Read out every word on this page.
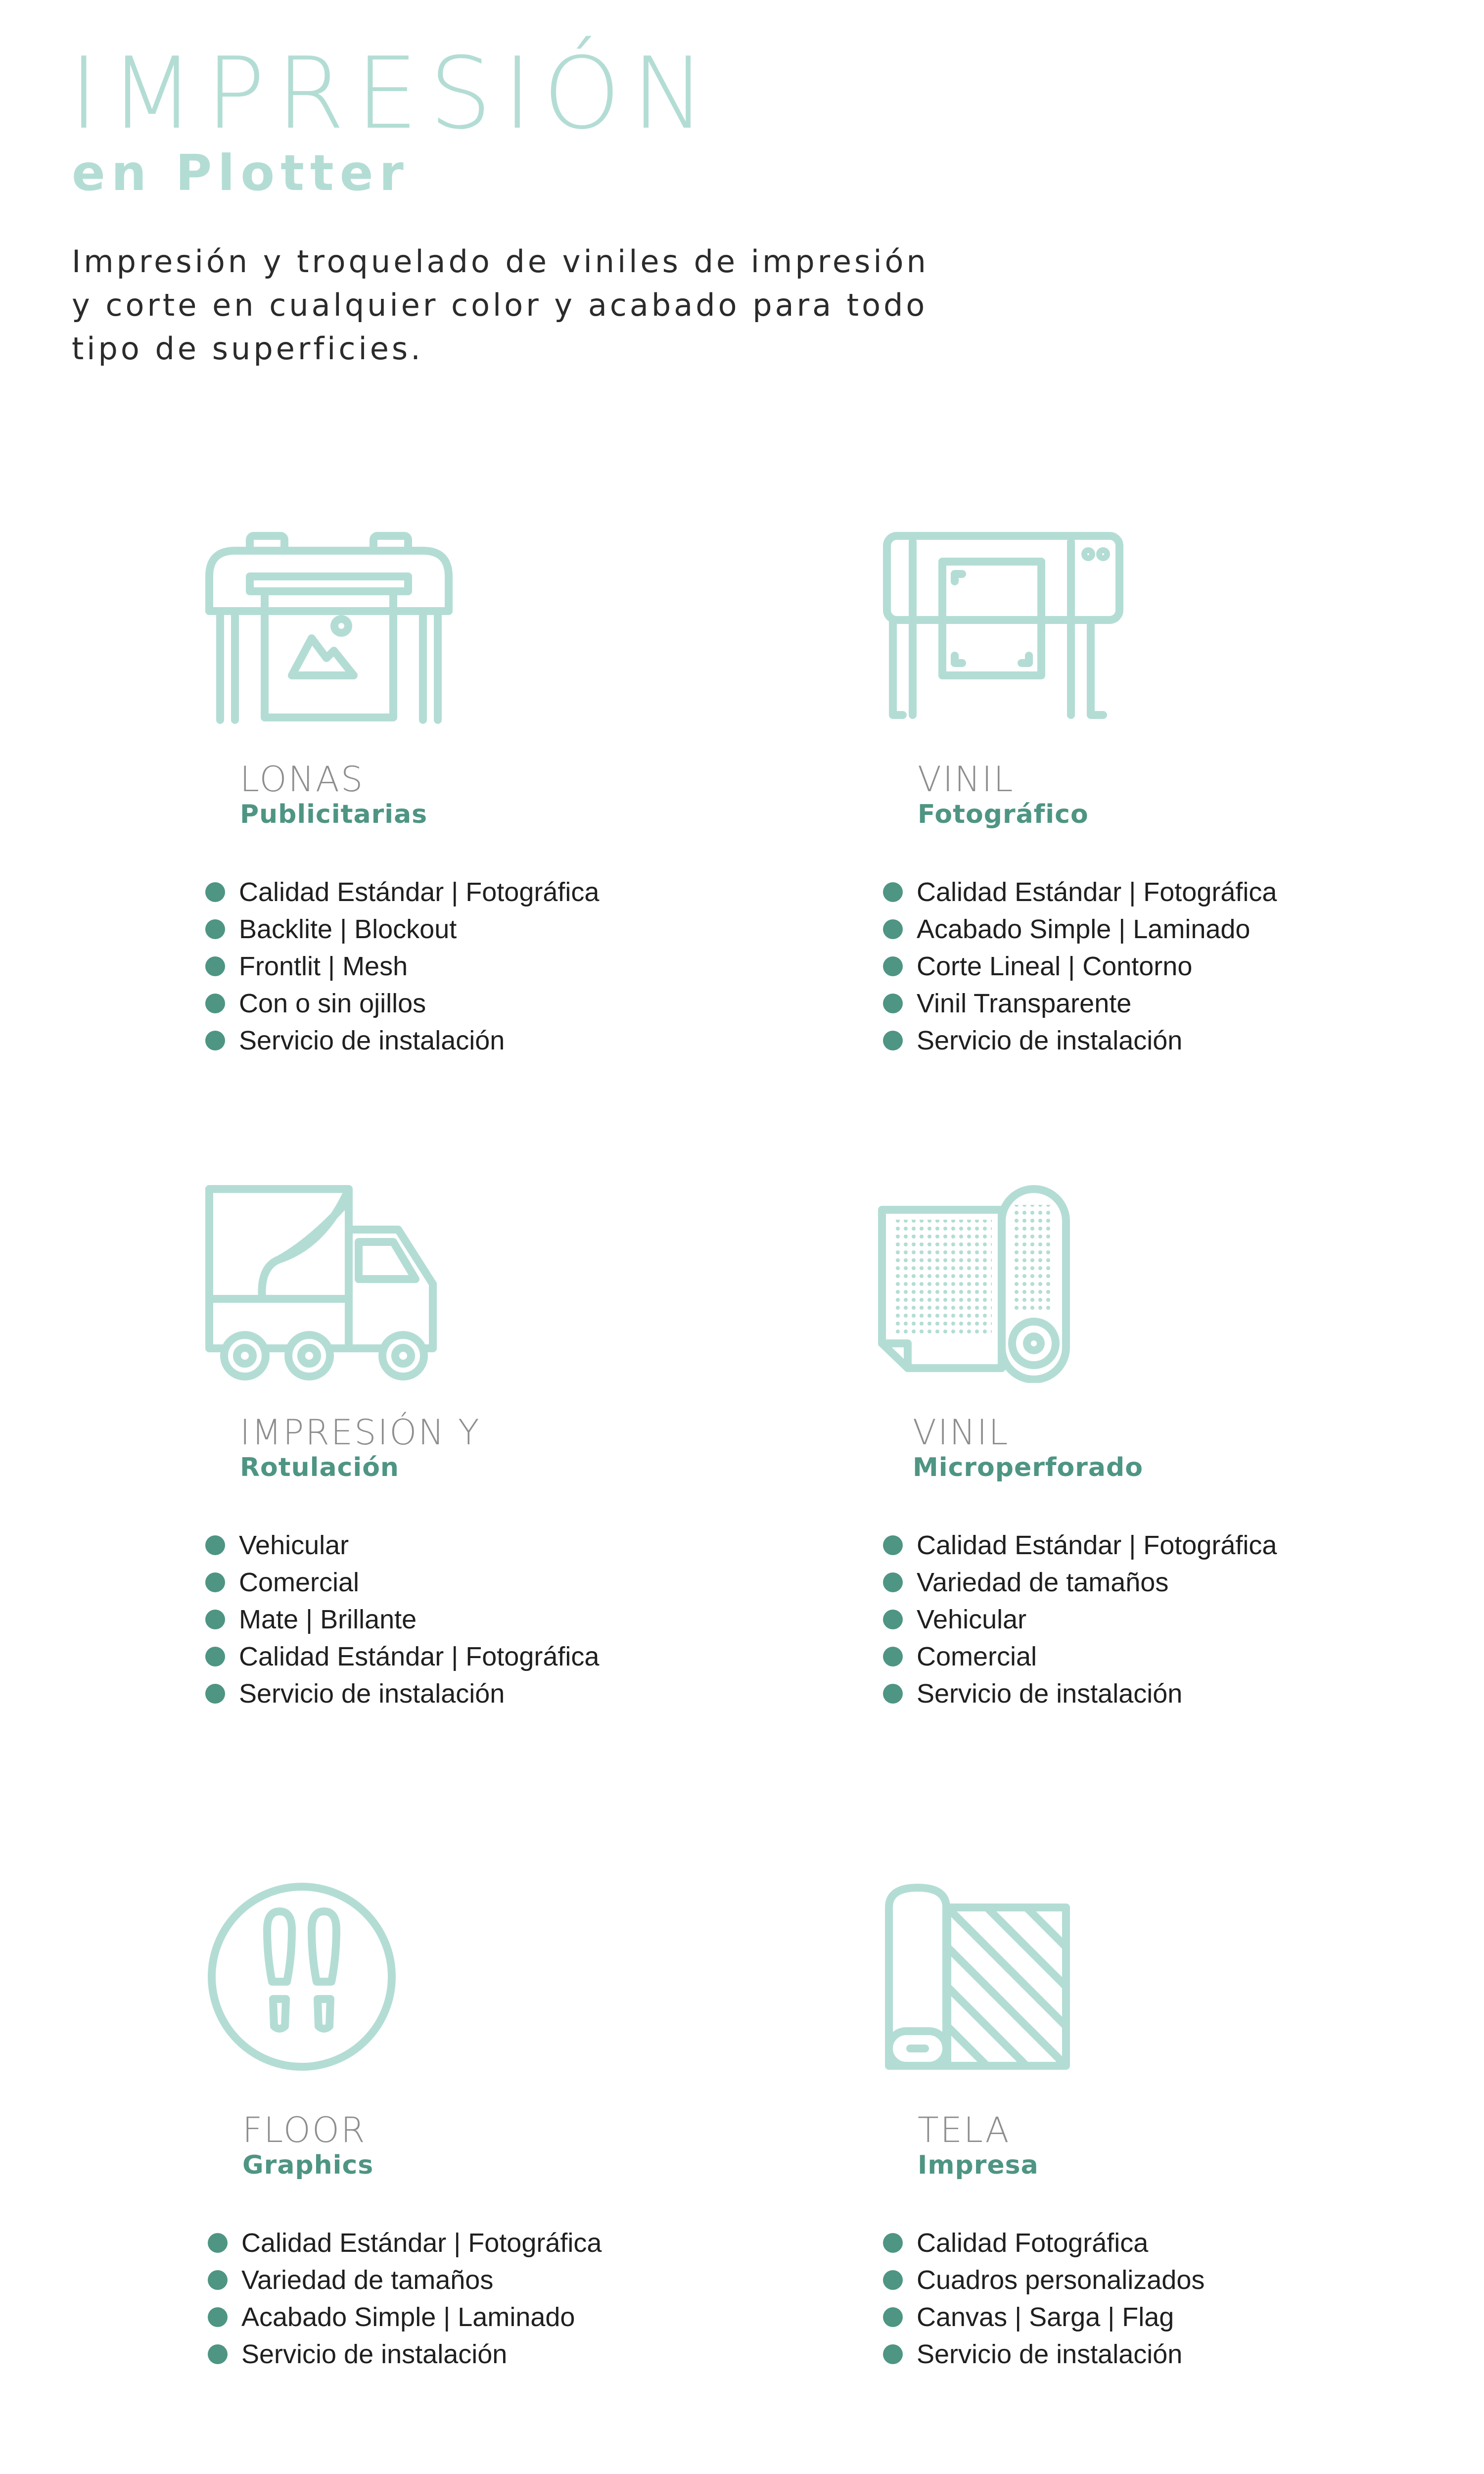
IMPRESIÓN
en Plotter
Impresión y troquelado de viniles de impresión
y corte en cualquier color y acabado para todo
tipo de superficies.
LONAS
Publicitarias
Calidad Estándar | Fotográfica
Backlite | Blockout
Frontlit | Mesh
Con o sin ojillos
Servicio de instalación
VINIL
Fotográfico
Calidad Estándar | Fotográfica
Acabado Simple | Laminado
Corte Lineal | Contorno
Vinil Transparente
Servicio de instalación
IMPRESIÓN Y
Rotulación
Vehicular
Comercial
Mate | Brillante
Calidad Estándar | Fotográfica
Servicio de instalación
VINIL
Microperforado
Calidad Estándar | Fotográfica
Variedad de tamaños
Vehicular
Comercial
Servicio de instalación
FLOOR
Graphics
Calidad Estándar | Fotográfica
Variedad de tamaños
Acabado Simple | Laminado
Servicio de instalación
TELA
Impresa
Calidad Fotográfica
Cuadros personalizados
Canvas | Sarga | Flag
Servicio de instalación
